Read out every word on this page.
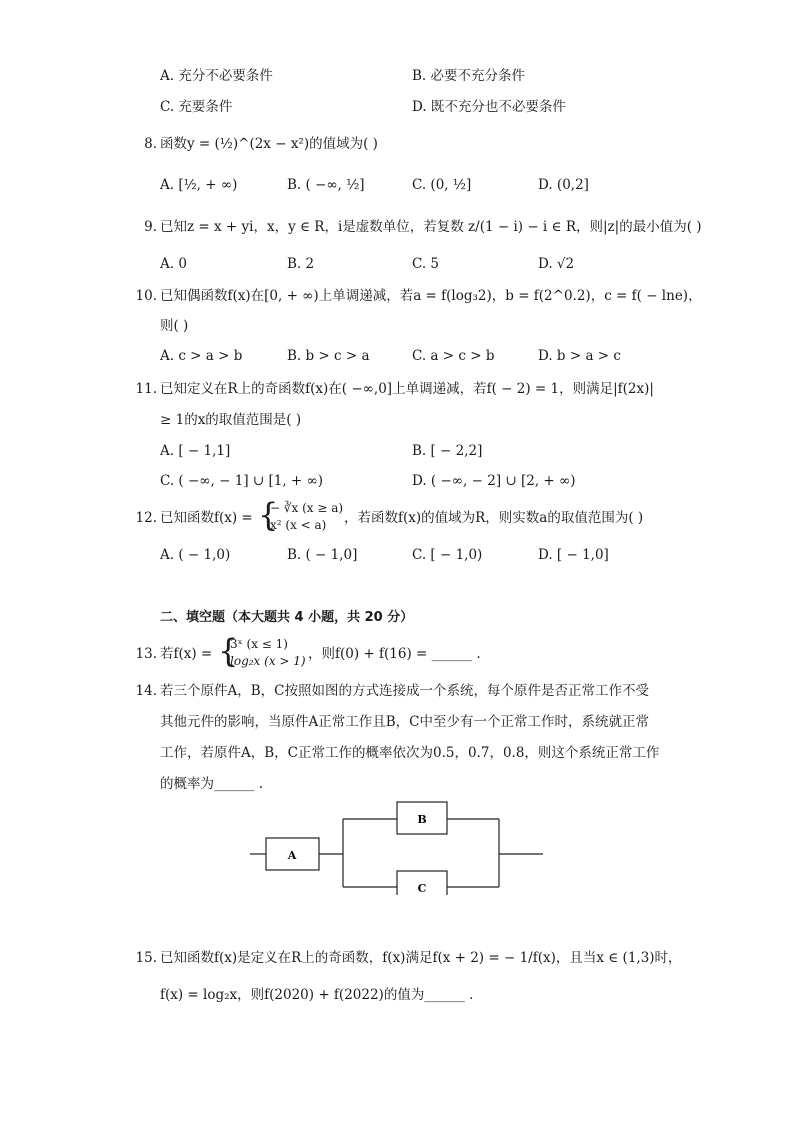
A. 充分不必要条件	B. 必要不充分条件
C. 充要条件	D. 既不充分也不必要条件
8. 函数y = (½)^(2x − x²)的值域为( )
A. [½, + ∞)	B. ( −∞, ½]	C. (0, ½]	D. (0,2]
9. 已知z = x + yi，x，y ∈ R，i是虚数单位，若复数 z/(1 − i) − i ∈ R，则|z|的最小值为( )
A. 0	B. 2	C. 5	D. √2
10. 已知偶函数f(x)在[0, + ∞)上单调递减，若a = f(log₃2)，b = f(2^0.2)，c = f( − lne)，
则( )
A. c > a > b	B. b > c > a	C. a > c > b	D. b > a > c
11. 已知定义在R上的奇函数f(x)在( −∞,0]上单调递减，若f( − 2) = 1，则满足|f(2x)|
≥ 1的x的取值范围是( )
A. [ − 1,1]	B. [ − 2,2]
C. ( −∞, − 1] ∪ [1, + ∞)	D. ( −∞, − 2] ∪ [2, + ∞)
12. 已知函数f(x) = {
− ∛x (x ≥ a)
x² (x < a) ，若函数f(x)的值域为R，则实数a的取值范围为( )
A. ( − 1,0)	B. ( − 1,0]	C. [ − 1,0)	D. [ − 1,0]
二、填空题（本大题共 4 小题，共 20 分）
13. 若f(x) = {
3ˣ (x ≤ 1)
log₂x (x > 1) ，则f(0) + f(16) = ______ .
14. 若三个原件A，B，C按照如图的方式连接成一个系统，每个原件是否正常工作不受
其他元件的影响，当原件A正常工作且B，C中至少有一个正常工作时，系统就正常
工作，若原件A，B，C正常工作的概率依次为0.5，0.7，0.8，则这个系统正常工作
的概率为______ .
A
B
C
15. 已知函数f(x)是定义在R上的奇函数，f(x)满足f(x + 2) = − 1/f(x)，且当x ∈ (1,3)时，
f(x) = log₂x，则f(2020) + f(2022)的值为______ .
